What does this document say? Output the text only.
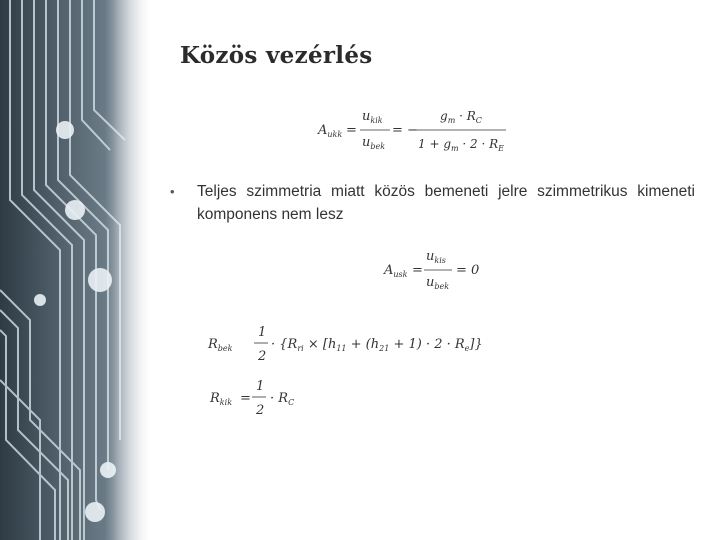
Közös vezérlés
$A_{ukk}$ =
$u_{kik}$
$u_{bek}$
= −
$g_m \cdot R_C$
$1 + g_m \cdot 2 \cdot R_E$
•	Teljes szimmetria miatt közös bemeneti jelre szimmetrikus kimeneti komponens nem lesz
$A_{usk}$ =
$u_{kis}$
$u_{bek}$
= 0
$R_{bek}$
1
2
· $\{R_{ri} \times [h_{11} + (h_{21} + 1) \cdot 2 \cdot R_e]\}$
$R_{kik}$ =
1
2
· $R_C$
